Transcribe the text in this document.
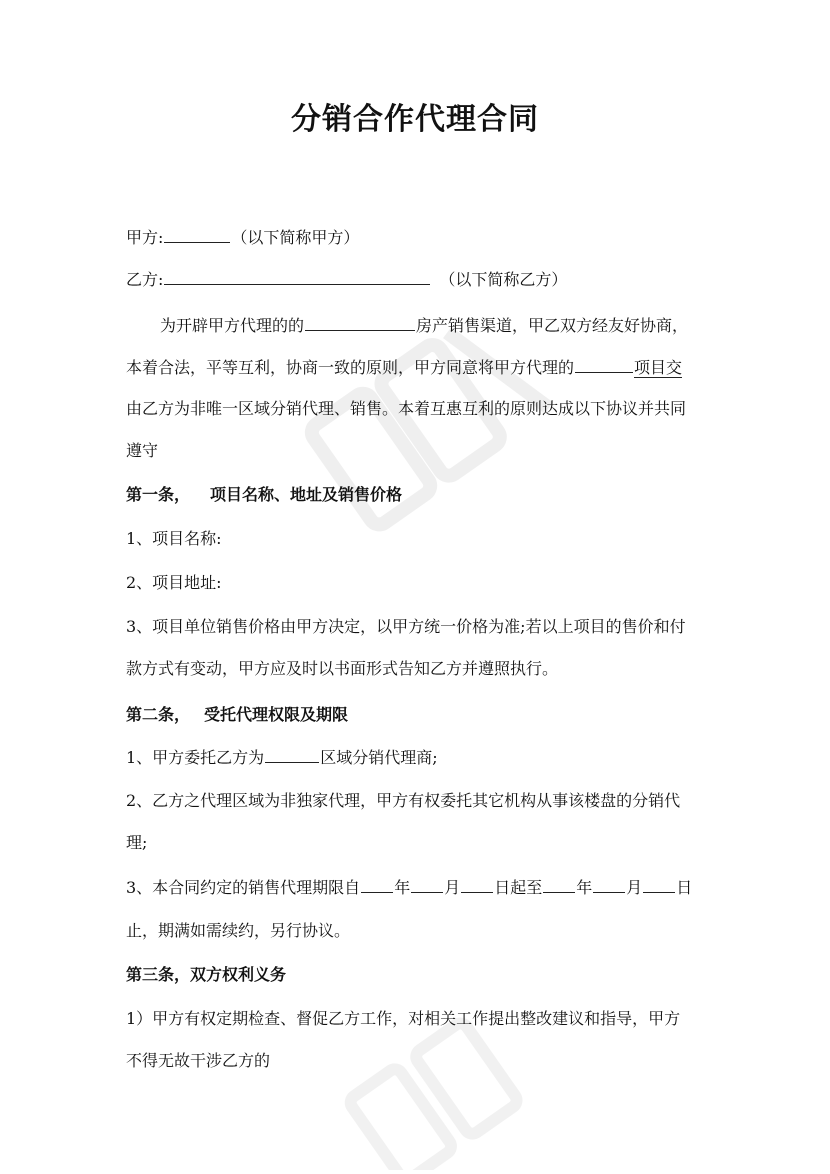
分销合作代理合同
甲方:	（以下简称甲方）
乙方:	（以下简称乙方）
为开辟甲方代理的的	房产销售渠道，甲乙双方经友好协商，
本着合法，平等互利，协商一致的原则，甲方同意将甲方代理的	项目交
由乙方为非唯一区域分销代理、销售。本着互惠互利的原则达成以下协议并共同
遵守
第一条， 项目名称、地址及销售价格
1、项目名称:
2、项目地址:
3、项目单位销售价格由甲方决定，以甲方统一价格为准;若以上项目的售价和付
款方式有变动，甲方应及时以书面形式告知乙方并遵照执行。
第二条， 受托代理权限及期限
1、甲方委托乙方为	区域分销代理商;
2、乙方之代理区域为非独家代理，甲方有权委托其它机构从事该楼盘的分销代
理;
3、本合同约定的销售代理期限自 年 月 日起至 年 月 日
止，期满如需续约，另行协议。
第三条，双方权利义务
1）甲方有权定期检查、督促乙方工作，对相关工作提出整改建议和指导，甲方
不得无故干涉乙方的
